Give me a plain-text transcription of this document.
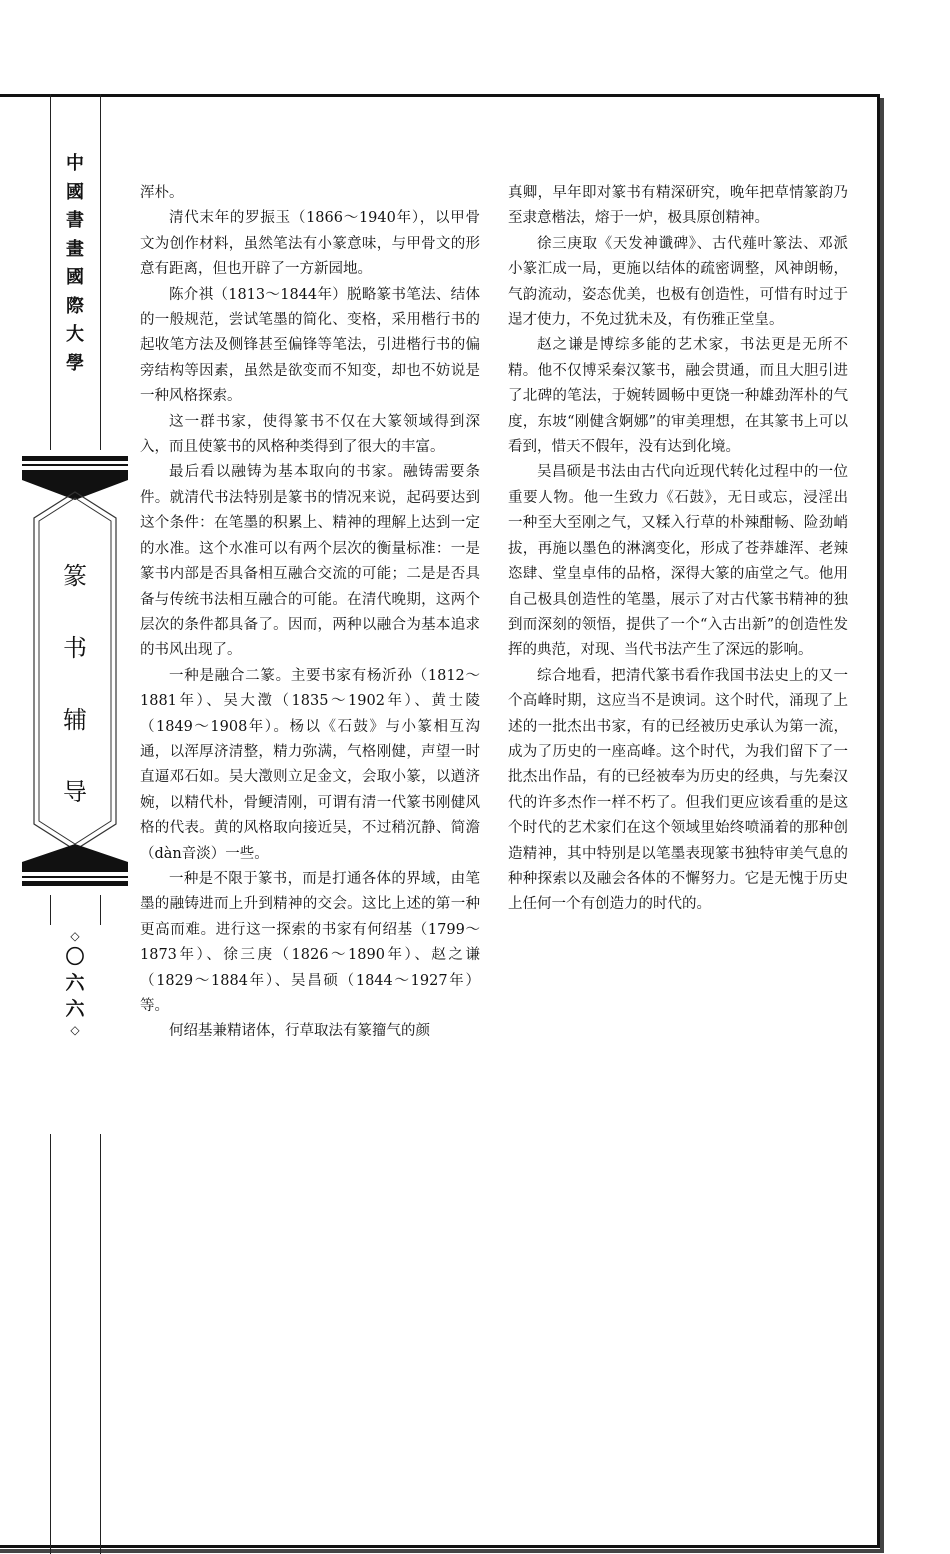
中
國
書
畫
國
際
大
學
篆
书
辅
导
◇
〇
六
六
◇

浑朴。

清代末年的罗振玉（1866～1940年），以甲骨文为创作材料，虽然笔法有小篆意味，与甲骨文的形意有距离，但也开辟了一方新园地。

陈介祺（1813～1844年）脱略篆书笔法、结体的一般规范，尝试笔墨的简化、变格，采用楷行书的起收笔方法及侧锋甚至偏锋等笔法，引进楷行书的偏旁结构等因素，虽然是欲变而不知变，却也不妨说是一种风格探索。

这一群书家，使得篆书不仅在大篆领域得到深入，而且使篆书的风格种类得到了很大的丰富。

最后看以融铸为基本取向的书家。融铸需要条件。就清代书法特别是篆书的情况来说，起码要达到这个条件：在笔墨的积累上、精神的理解上达到一定的水准。这个水准可以有两个层次的衡量标准：一是篆书内部是否具备相互融合交流的可能；二是是否具备与传统书法相互融合的可能。在清代晚期，这两个层次的条件都具备了。因而，两种以融合为基本追求的书风出现了。

一种是融合二篆。主要书家有杨沂孙（1812～1881年）、吴大澂（1835～1902年）、黄士陵（1849～1908年）。杨以《石鼓》与小篆相互沟通，以浑厚济清整，精力弥满，气格刚健，声望一时直逼邓石如。吴大澂则立足金文，会取小篆，以遒济婉，以精代朴，骨鲠清刚，可谓有清一代篆书刚健风格的代表。黄的风格取向接近吴，不过稍沉静、简澹（dàn音淡）一些。

一种是不限于篆书，而是打通各体的界域，由笔墨的融铸进而上升到精神的交会。这比上述的第一种更高而难。进行这一探索的书家有何绍基（1799～1873年）、徐三庚（1826～1890年）、赵之谦（1829～1884年）、吴昌硕（1844～1927年）等。

何绍基兼精诸体，行草取法有篆籀气的颜

真卿，早年即对篆书有精深研究，晚年把草情篆韵乃至隶意楷法，熔于一炉，极具原创精神。

徐三庚取《天发神谶碑》、古代薤叶篆法、邓派小篆汇成一局，更施以结体的疏密调整，风神朗畅，气韵流动，姿态优美，也极有创造性，可惜有时过于逞才使力，不免过犹未及，有伤雅正堂皇。

赵之谦是博综多能的艺术家，书法更是无所不精。他不仅博采秦汉篆书，融会贯通，而且大胆引进了北碑的笔法，于婉转圆畅中更饶一种雄劲浑朴的气度，东坡“刚健含婀娜”的审美理想，在其篆书上可以看到，惜天不假年，没有达到化境。

吴昌硕是书法由古代向近现代转化过程中的一位重要人物。他一生致力《石鼓》，无日或忘，浸淫出一种至大至刚之气，又糅入行草的朴辣酣畅、险劲峭拔，再施以墨色的淋漓变化，形成了苍莽雄浑、老辣恣肆、堂皇卓伟的品格，深得大篆的庙堂之气。他用自己极具创造性的笔墨，展示了对古代篆书精神的独到而深刻的领悟，提供了一个“入古出新”的创造性发挥的典范，对现、当代书法产生了深远的影响。

综合地看，把清代篆书看作我国书法史上的又一个高峰时期，这应当不是谀词。这个时代，涌现了上述的一批杰出书家，有的已经被历史承认为第一流，成为了历史的一座高峰。这个时代，为我们留下了一批杰出作品，有的已经被奉为历史的经典，与先秦汉代的许多杰作一样不朽了。但我们更应该看重的是这个时代的艺术家们在这个领域里始终喷涌着的那种创造精神，其中特别是以笔墨表现篆书独特审美气息的种种探索以及融会各体的不懈努力。它是无愧于历史上任何一个有创造力的时代的。
